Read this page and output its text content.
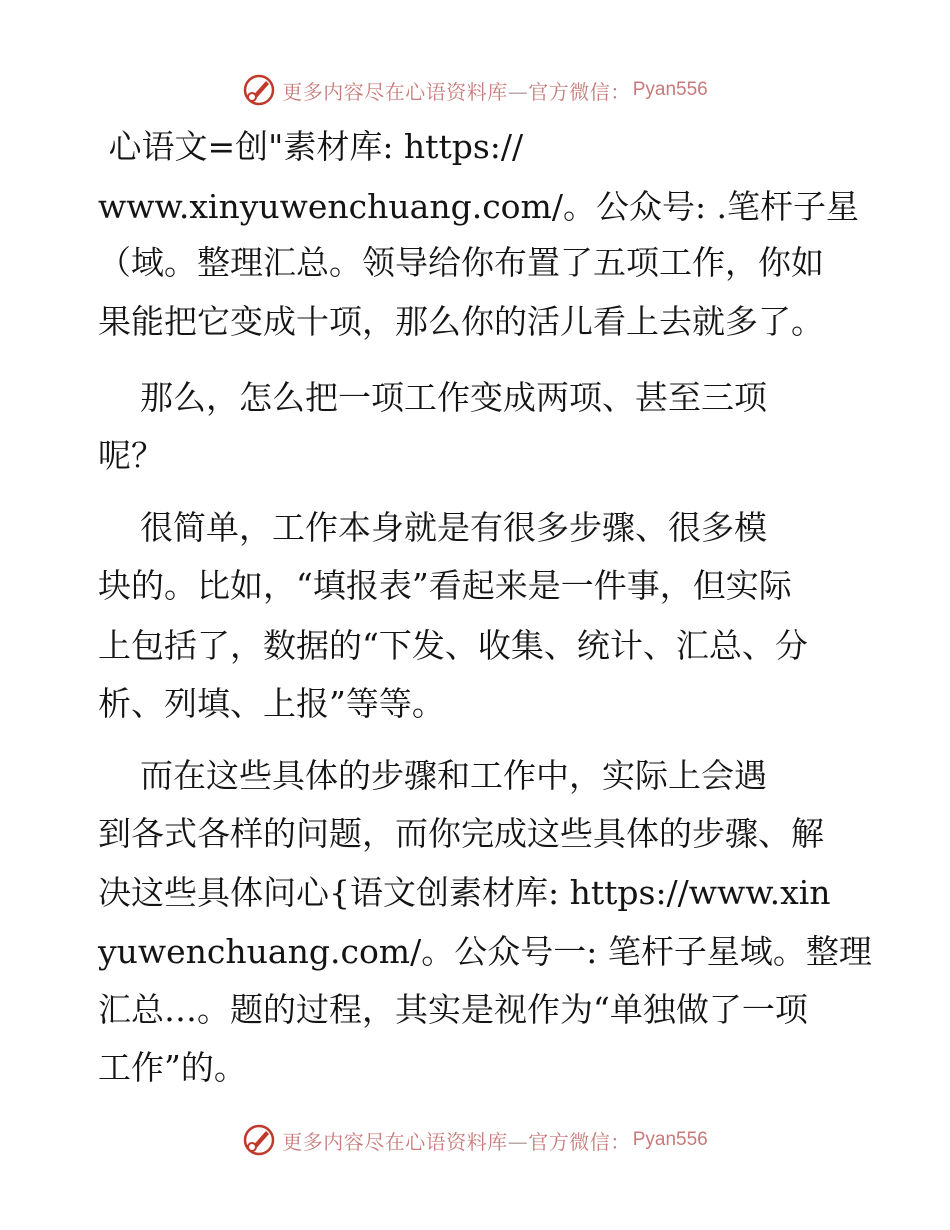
更多内容尽在心语资料库—官方微信： Pyan556
心语文=创"素材库: https://
www.xinyuwenchuang.com/。公众号: .笔杆子星
（域。整理汇总。领导给你布置了五项工作，你如
果能把它变成十项，那么你的活儿看上去就多了。
那么，怎么把一项工作变成两项、甚至三项
呢？
很简单，工作本身就是有很多步骤、很多模
块的。比如，“填报表”看起来是一件事，但实际
上包括了，数据的“下发、收集、统计、汇总、分
析、列填、上报”等等。
而在这些具体的步骤和工作中，实际上会遇
到各式各样的问题，而你完成这些具体的步骤、解
决这些具体问心{语文创素材库: https://www.xin
yuwenchuang.com/。公众号一: 笔杆子星域。整理
汇总…。题的过程，其实是视作为“单独做了一项
工作”的。
更多内容尽在心语资料库—官方微信： Pyan556
